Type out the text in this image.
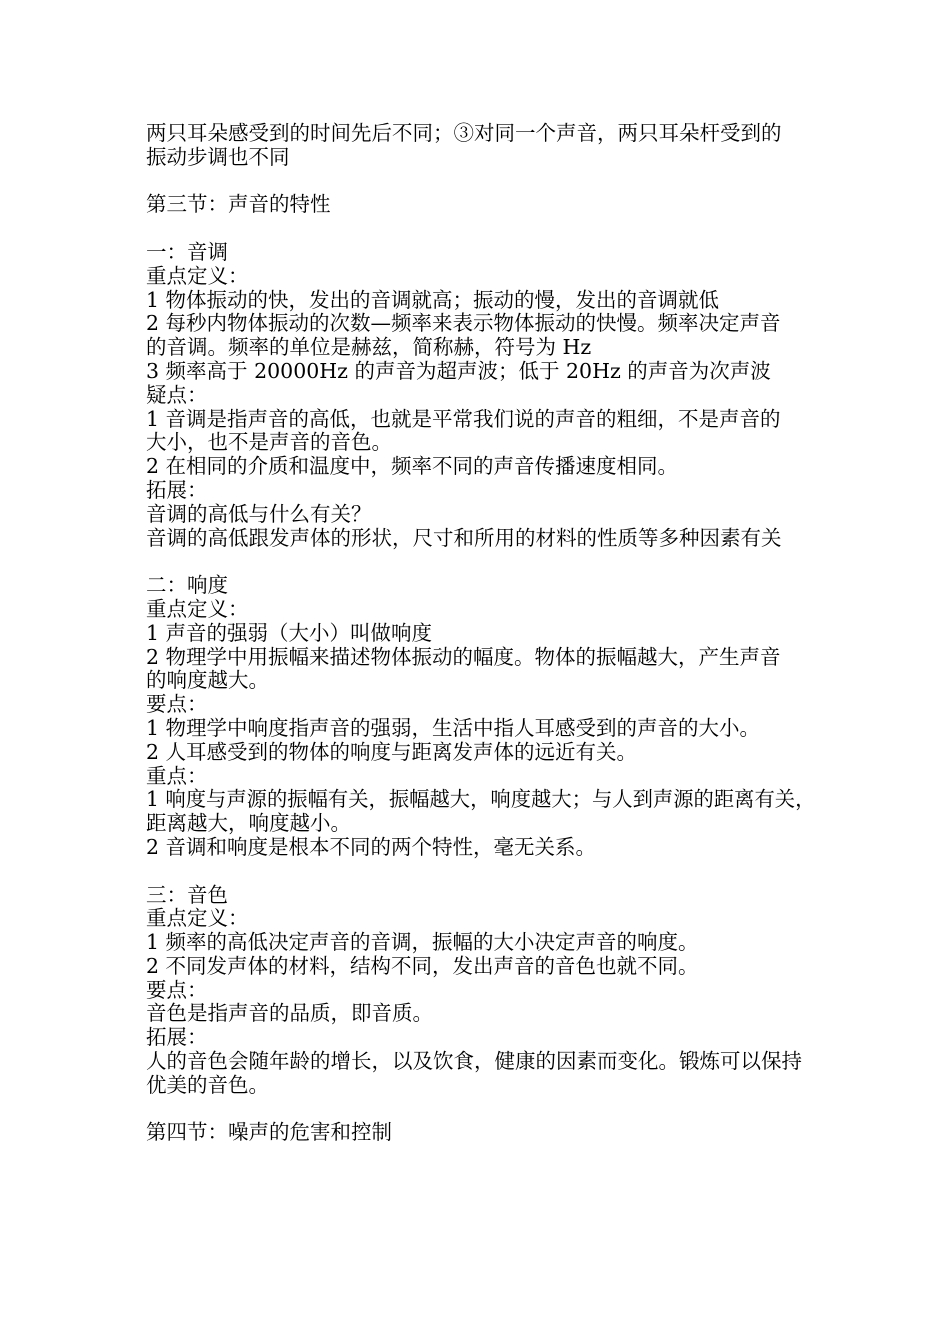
两只耳朵感受到的时间先后不同；③对同一个声音，两只耳朵杆受到的
振动步调也不同
第三节：声音的特性
一：音调
重点定义：
1 物体振动的快，发出的音调就高；振动的慢，发出的音调就低
2 每秒内物体振动的次数—频率来表示物体振动的快慢。频率决定声音
的音调。频率的单位是赫兹，简称赫，符号为 Hz
3 频率高于 20000Hz 的声音为超声波；低于 20Hz 的声音为次声波
疑点：
1 音调是指声音的高低，也就是平常我们说的声音的粗细，不是声音的
大小，也不是声音的音色。
2 在相同的介质和温度中，频率不同的声音传播速度相同。
拓展：
音调的高低与什么有关？
音调的高低跟发声体的形状，尺寸和所用的材料的性质等多种因素有关
二：响度
重点定义：
1 声音的强弱（大小）叫做响度
2 物理学中用振幅来描述物体振动的幅度。物体的振幅越大，产生声音
的响度越大。
要点：
1 物理学中响度指声音的强弱，生活中指人耳感受到的声音的大小。
2 人耳感受到的物体的响度与距离发声体的远近有关。
重点：
1 响度与声源的振幅有关，振幅越大，响度越大；与人到声源的距离有关，
距离越大，响度越小。
2 音调和响度是根本不同的两个特性，毫无关系。
三：音色
重点定义：
1 频率的高低决定声音的音调，振幅的大小决定声音的响度。
2 不同发声体的材料，结构不同，发出声音的音色也就不同。
要点：
音色是指声音的品质，即音质。
拓展：
人的音色会随年龄的增长，以及饮食，健康的因素而变化。锻炼可以保持
优美的音色。
第四节：噪声的危害和控制
